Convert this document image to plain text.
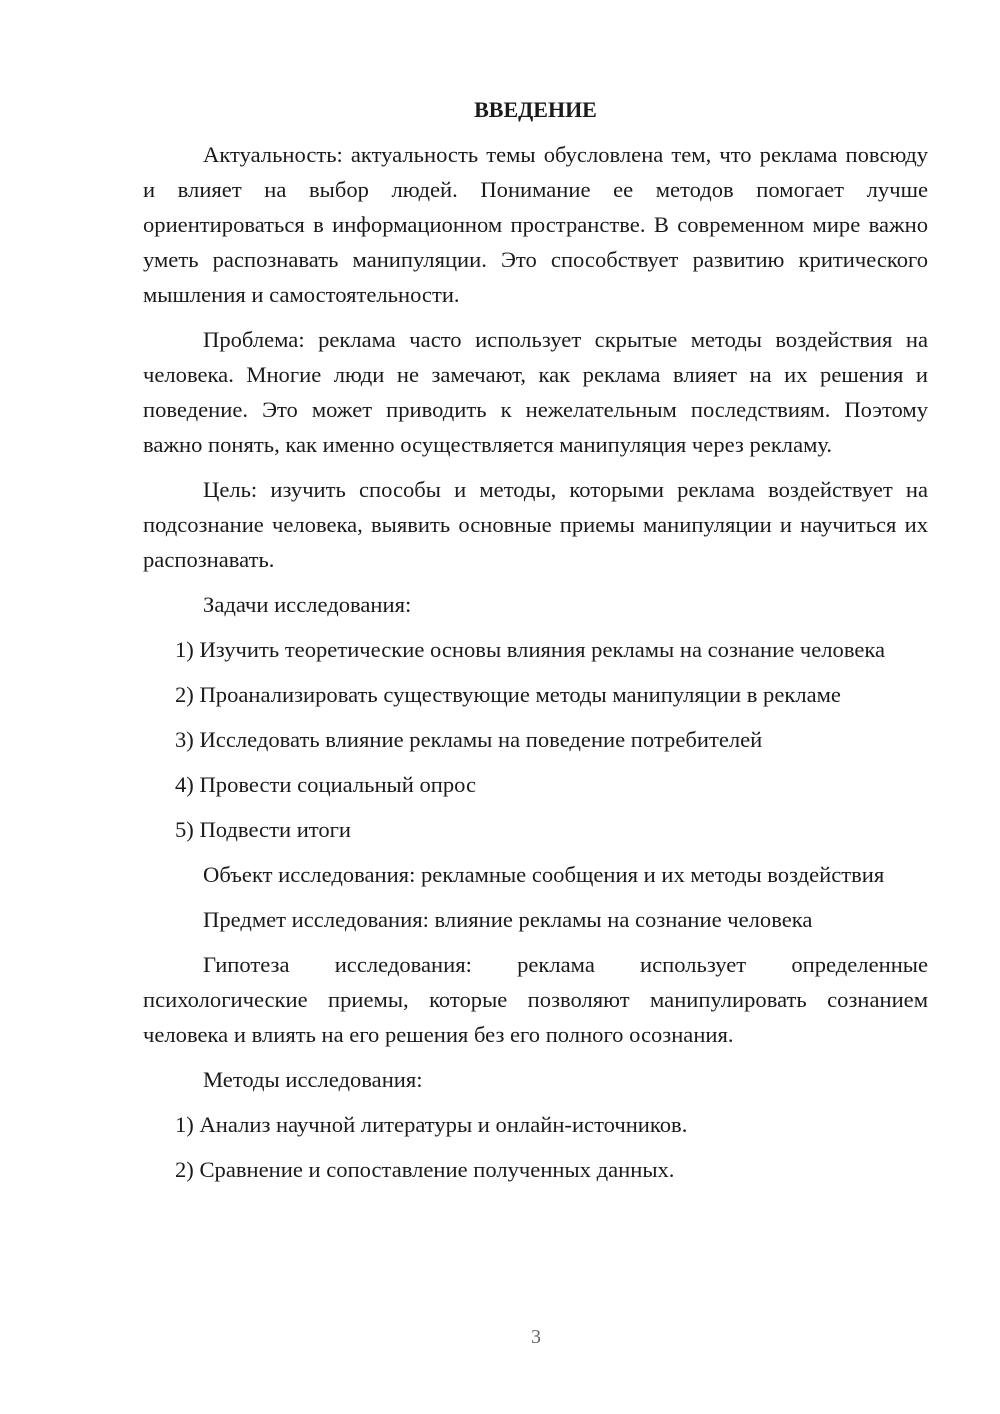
ВВЕДЕНИЕ
Актуальность: актуальность темы обусловлена тем, что реклама повсюду и влияет на выбор людей. Понимание ее методов помогает лучше ориентироваться в информационном пространстве. В современном мире важно уметь распознавать манипуляции. Это способствует развитию критического мышления и самостоятельности.
Проблема: реклама часто использует скрытые методы воздействия на человека. Многие люди не замечают, как реклама влияет на их решения и поведение. Это может приводить к нежелательным последствиям. Поэтому важно понять, как именно осуществляется манипуляция через рекламу.
Цель: изучить способы и методы, которыми реклама воздействует на подсознание человека, выявить основные приемы манипуляции и научиться их распознавать.
Задачи исследования:
1) Изучить теоретические основы влияния рекламы на сознание человека
2) Проанализировать существующие методы манипуляции в рекламе
3) Исследовать влияние рекламы на поведение потребителей
4) Провести социальный опрос
5) Подвести итоги
Объект исследования: рекламные сообщения и их методы воздействия
Предмет исследования: влияние рекламы на сознание человека
Гипотеза исследования: реклама использует определенные психологические приемы, которые позволяют манипулировать сознанием человека и влиять на его решения без его полного осознания.
Методы исследования:
1) Анализ научной литературы и онлайн-источников.
2) Сравнение и сопоставление полученных данных.
3
